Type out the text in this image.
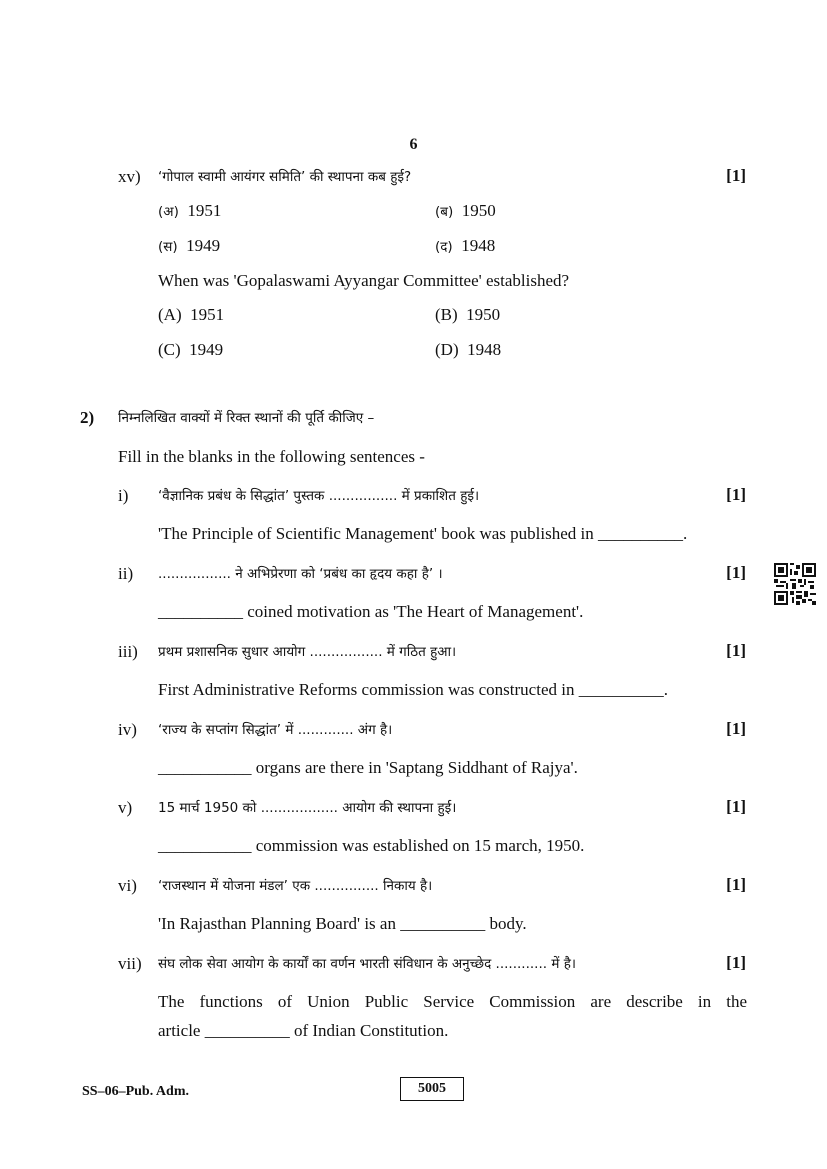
6
xv) ‘गोपाल स्वामी आयंगर समिति’ की स्थापना कब हुई?	[1]
(अ) 1951	(ब) 1950
(स) 1949	(द) 1948
When was 'Gopalaswami Ayyangar Committee' established?
(A) 1951	(B) 1950
(C) 1949	(D) 1948
2) निम्नलिखित वाक्यों में रिक्त स्थानों की पूर्ति कीजिए –
Fill in the blanks in the following sentences -
i) ‘वैज्ञानिक प्रबंध के सिद्धांत’ पुस्तक ................ में प्रकाशित हुई।	[1]
'The Principle of Scientific Management' book was published in __________.
ii) ................. ने अभिप्रेरणा को ‘प्रबंध का हृदय कहा है’ ।	[1]
__________ coined motivation as 'The Heart of Management'.
iii) प्रथम प्रशासनिक सुधार आयोग ................. में गठित हुआ।	[1]
First Administrative Reforms commission was constructed in __________.
iv) ‘राज्य के सप्तांग सिद्धांत’ में ............. अंग है।	[1]
___________ organs are there in 'Saptang Siddhant of Rajya'.
v) 15 मार्च 1950 को .................. आयोग की स्थापना हुई।	[1]
___________ commission was established on 15 march, 1950.
vi) ‘राजस्थान में योजना मंडल’ एक ............... निकाय है।	[1]
'In Rajasthan Planning Board' is an __________ body.
vii) संघ लोक सेवा आयोग के कार्यों का वर्णन भारती संविधान के अनुच्छेद ............ में है।	[1]
The functions of Union Public Service Commission are describe in the
article __________ of Indian Constitution.
SS–06–Pub. Adm.	5005
